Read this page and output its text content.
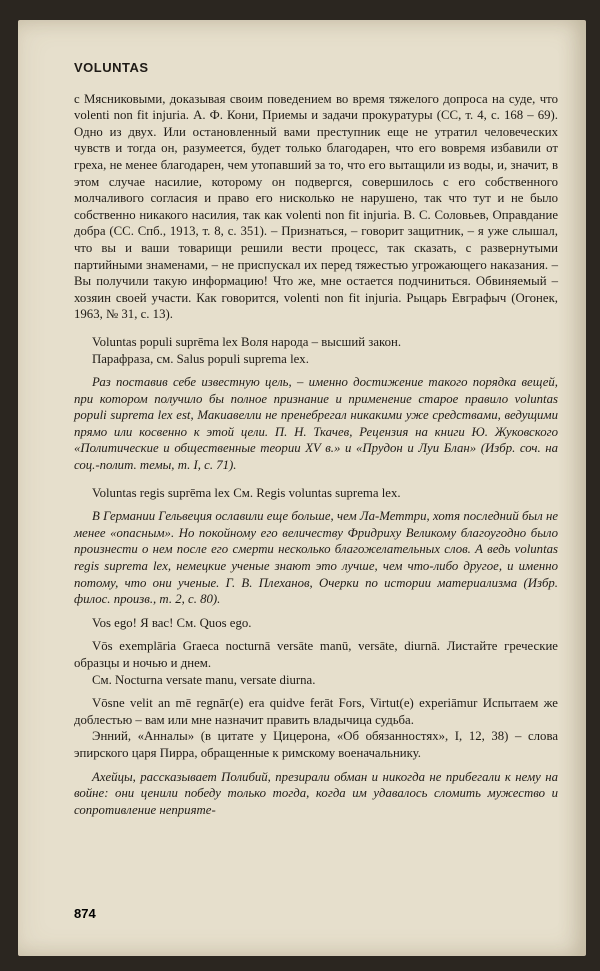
VOLUNTAS

с Мясниковыми, доказывая своим поведением во время тяжелого допроса на суде, что volenti non fit injuria. А. Ф. Кони, Приемы и задачи прокуратуры (СС, т. 4, с. 168 – 69). Одно из двух. Или остановленный вами преступник еще не утратил человеческих чувств и тогда он, разумеется, будет только благодарен, что его вовремя избавили от греха, не менее благодарен, чем утопавший за то, что его вытащили из воды, и, значит, в этом случае насилие, которому он подвергся, совершилось с его собственного молчаливого согласия и право его нисколько не нарушено, так что тут и не было собственно никакого насилия, так как volenti non fit injuria. В. С. Соловьев, Оправдание добра (СС. Спб., 1913, т. 8, с. 351). – Признаться, – говорит защитник, – я уже слышал, что вы и ваши товарищи решили вести процесс, так сказать, с развернутыми партийными знаменами, – не приспускал их перед тяжестью угрожающего наказания. – Вы получили такую информацию! Что же, мне остается подчиниться. Обвиняемый – хозяин своей участи. Как говорится, volenti non fit injuria. Рыцарь Евграфыч (Огонек, 1963, № 31, с. 13).

Voluntas populi suprēma lex Воля народа – высший закон.

Парафраза, см. Salus populi suprema lex.

Раз поставив себе известную цель, – именно достижение такого порядка вещей, при котором получило бы полное признание и применение старое правило voluntas populi suprema lex est, Макиавелли не пренебрегал никакими уже средствами, ведущими прямо или косвенно к этой цели. П. Н. Ткачев, Рецензия на книги Ю. Жуковского «Политические и общественные теории XV в.» и «Прудон и Луи Блан» (Избр. соч. на соц.-полит. темы, т. I, с. 71).

Voluntas regis suprēma lex См. Regis voluntas suprema lex.

В Германии Гельвеция ославили еще больше, чем Ла-Меттри, хотя последний был не менее «опасным». Но покойному его величеству Фридриху Великому благоугодно было произнести о нем после его смерти несколько благожелательных слов. А ведь voluntas regis suprema lex, немецкие ученые знают это лучше, чем что-либо другое, и именно потому, что они ученые. Г. В. Плеханов, Очерки по истории материализма (Избр. филос. произв., т. 2, с. 80).

Vos ego! Я вас! См. Quos ego.

Vōs exemplāria Graeca nocturnā versāte manū, versāte, diurnā. Листайте греческие образцы и ночью и днем.

См. Nocturna versate manu, versate diurna.

Vōsne velit an mē regnār(e) era quidve ferāt Fors, Virtut(e) experiāmur Испытаем же доблестью – вам или мне назначит править владычица судьба.

Энний, «Анналы» (в цитате у Цицерона, «Об обязанностях», I, 12, 38) – слова эпирского царя Пирра, обращенные к римскому военачальнику.

Ахейцы, рассказывает Полибий, презирали обман и никогда не прибегали к нему на войне: они ценили победу только тогда, когда им удавалось сломить мужество и сопротивление неприяте-

874
